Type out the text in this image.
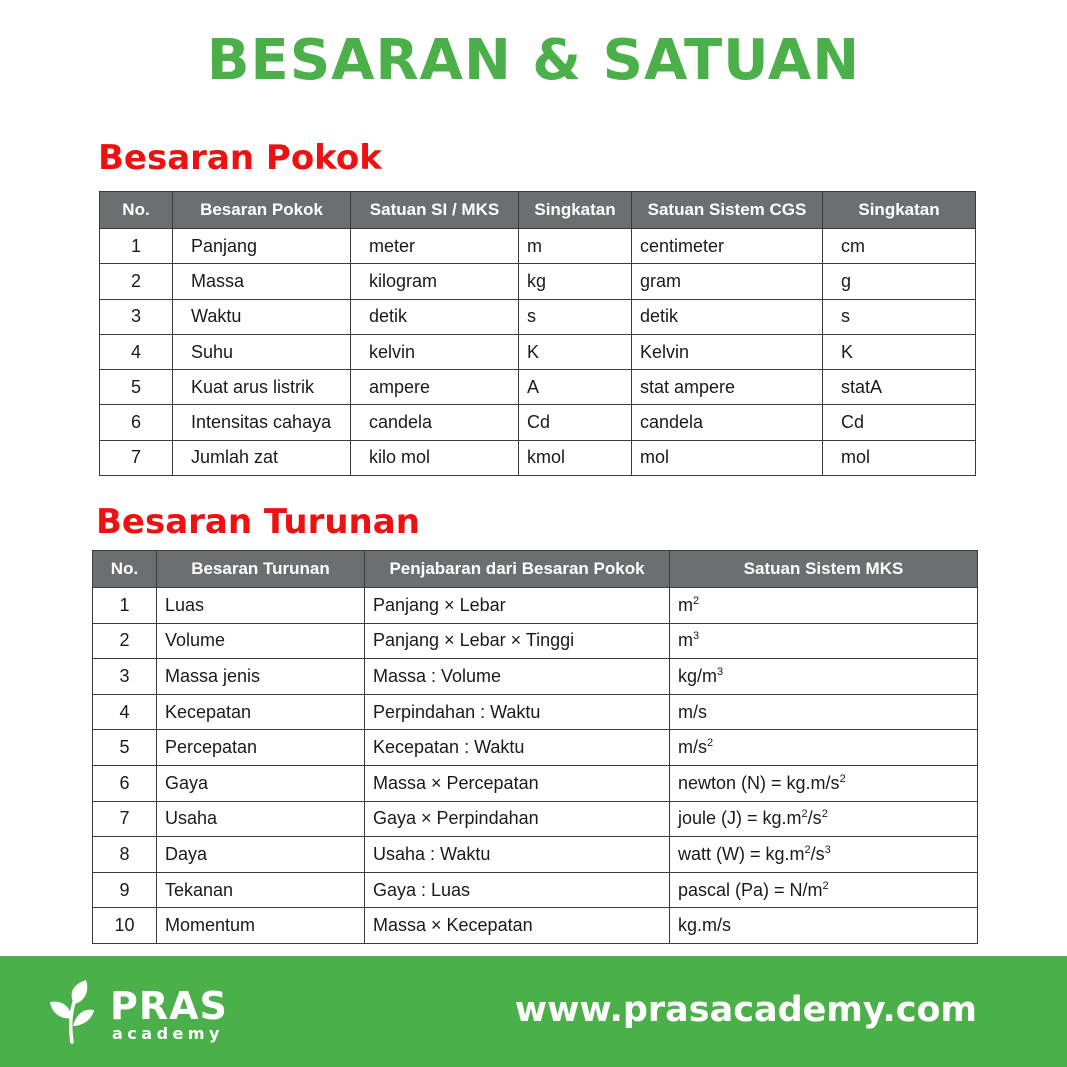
BESARAN & SATUAN
Besaran Pokok
No.	Besaran Pokok	Satuan SI / MKS	Singkatan	Satuan Sistem CGS	Singkatan
1	Panjang	meter	m	centimeter	cm
2	Massa	kilogram	kg	gram	g
3	Waktu	detik	s	detik	s
4	Suhu	kelvin	K	Kelvin	K
5	Kuat arus listrik	ampere	A	stat ampere	statA
6	Intensitas cahaya	candela	Cd	candela	Cd
7	Jumlah zat	kilo mol	kmol	mol	mol
Besaran Turunan
No.	Besaran Turunan	Penjabaran dari Besaran Pokok	Satuan Sistem MKS
1	Luas	Panjang × Lebar	$m^2$
2	Volume	Panjang × Lebar × Tinggi	$m^3$
3	Massa jenis	Massa : Volume	$kg/m^3$
4	Kecepatan	Perpindahan : Waktu	m/s
5	Percepatan	Kecepatan : Waktu	$m/s^2$
6	Gaya	Massa × Percepatan	newton $(N) = kg.m/s^2$
7	Usaha	Gaya × Perpindahan	joule $(J) = kg.m^2/s^2$
8	Daya	Usaha : Waktu	watt $(W) = kg.m^2/s^3$
9	Tekanan	Gaya : Luas	pascal $(Pa) = N/m^2$
10	Momentum	Massa × Kecepatan	kg.m/s
PRAS
academy
www.prasacademy.com
